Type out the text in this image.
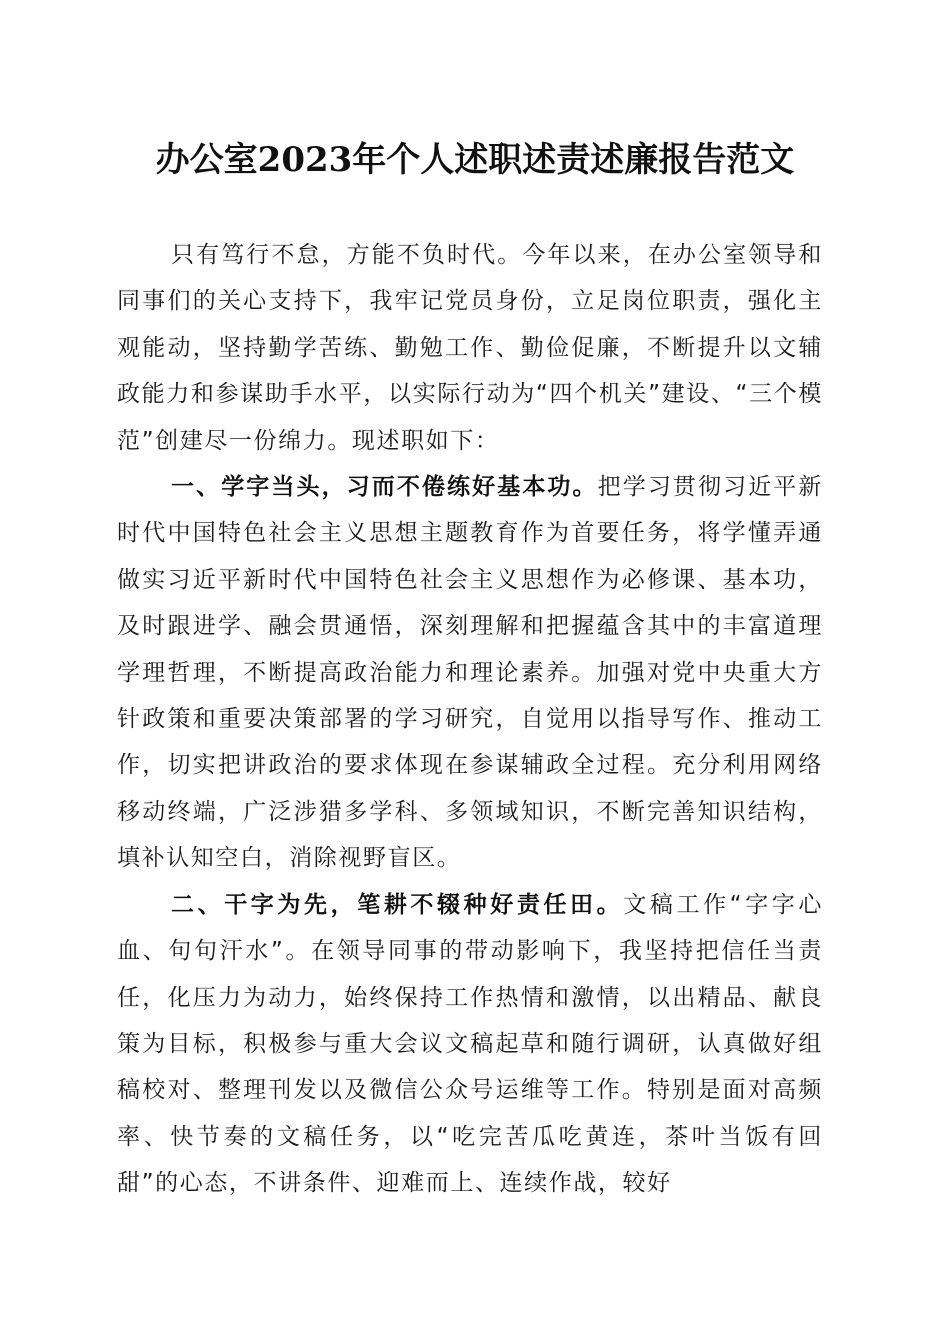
办公室2023年个人述职述责述廉报告范文

只有笃行不怠，方能不负时代。今年以来，在办公室领导和同事们的关心支持下，我牢记党员身份，立足岗位职责，强化主观能动，坚持勤学苦练、勤勉工作、勤俭促廉，不断提升以文辅政能力和参谋助手水平，以实际行动为“四个机关”建设、“三个模范”创建尽一份绵力。现述职如下：

一、学字当头，习而不倦练好基本功。把学习贯彻习近平新时代中国特色社会主义思想主题教育作为首要任务，将学懂弄通做实习近平新时代中国特色社会主义思想作为必修课、基本功，及时跟进学、融会贯通悟，深刻理解和把握蕴含其中的丰富道理学理哲理，不断提高政治能力和理论素养。加强对党中央重大方针政策和重要决策部署的学习研究，自觉用以指导写作、推动工作，切实把讲政治的要求体现在参谋辅政全过程。充分利用网络移动终端，广泛涉猎多学科、多领域知识，不断完善知识结构，填补认知空白，消除视野盲区。

二、干字为先，笔耕不辍种好责任田。文稿工作“字字心血、句句汗水”。在领导同事的带动影响下，我坚持把信任当责任，化压力为动力，始终保持工作热情和激情，以出精品、献良策为目标，积极参与重大会议文稿起草和随行调研，认真做好组稿校对、整理刊发以及微信公众号运维等工作。特别是面对高频率、快节奏的文稿任务，以“吃完苦瓜吃黄连，茶叶当饭有回甜”的心态，不讲条件、迎难而上、连续作战，较好
